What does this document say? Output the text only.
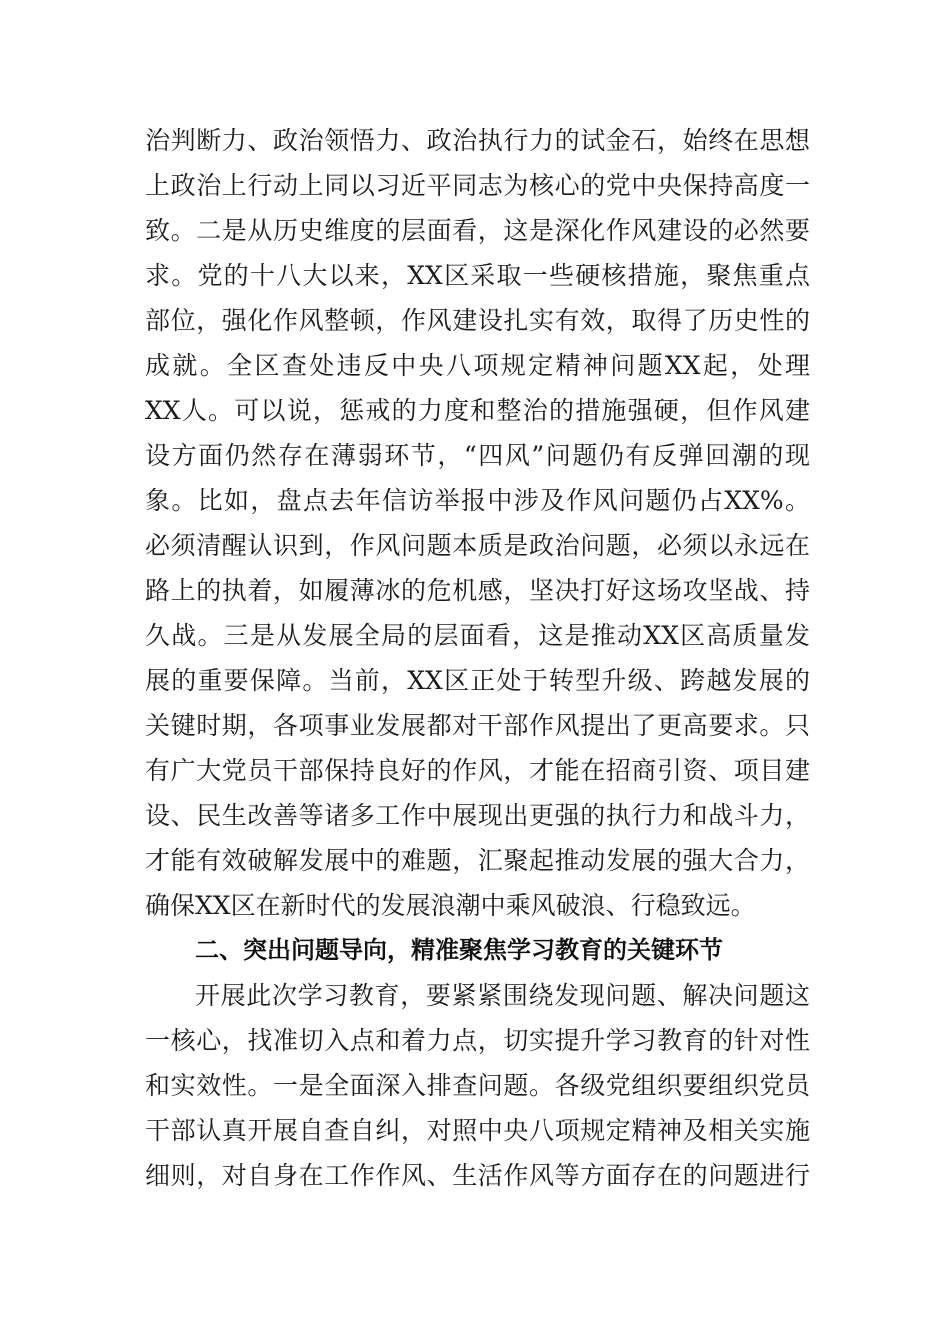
治判断力、政治领悟力、政治执行力的试金石，始终在思想
上政治上行动上同以习近平同志为核心的党中央保持高度一
致。二是从历史维度的层面看，这是深化作风建设的必然要
求。党的十八大以来，XX区采取一些硬核措施，聚焦重点
部位，强化作风整顿，作风建设扎实有效，取得了历史性的
成就。全区查处违反中央八项规定精神问题XX起，处理
XX人。可以说，惩戒的力度和整治的措施强硬，但作风建
设方面仍然存在薄弱环节，“四风”问题仍有反弹回潮的现
象。比如，盘点去年信访举报中涉及作风问题仍占XX%。
必须清醒认识到，作风问题本质是政治问题，必须以永远在
路上的执着，如履薄冰的危机感，坚决打好这场攻坚战、持
久战。三是从发展全局的层面看，这是推动XX区高质量发
展的重要保障。当前，XX区正处于转型升级、跨越发展的
关键时期，各项事业发展都对干部作风提出了更高要求。只
有广大党员干部保持良好的作风，才能在招商引资、项目建
设、民生改善等诸多工作中展现出更强的执行力和战斗力，
才能有效破解发展中的难题，汇聚起推动发展的强大合力，
确保XX区在新时代的发展浪潮中乘风破浪、行稳致远。
二、突出问题导向，精准聚焦学习教育的关键环节
开展此次学习教育，要紧紧围绕发现问题、解决问题这
一核心，找准切入点和着力点，切实提升学习教育的针对性
和实效性。一是全面深入排查问题。各级党组织要组织党员
干部认真开展自查自纠，对照中央八项规定精神及相关实施
细则，对自身在工作作风、生活作风等方面存在的问题进行
